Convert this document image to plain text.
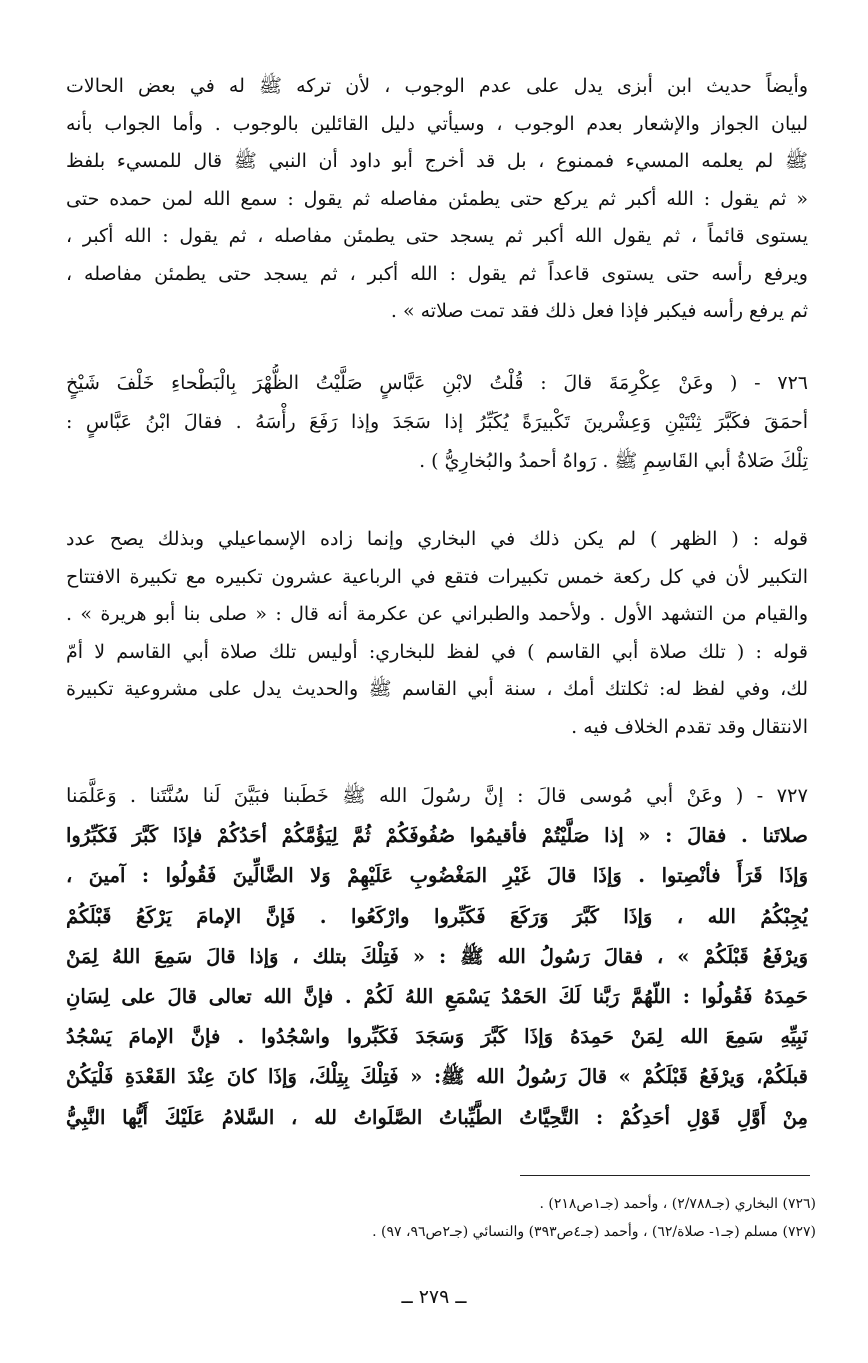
وأيضاً حديث ابن أبزى يدل على عدم الوجوب ، لأن تركه ﷺ له في بعض الحالات
لبيان الجواز والإشعار بعدم الوجوب ، وسيأتي دليل القائلين بالوجوب . وأما الجواب بأنه
ﷺ لم يعلمه المسيء فممنوع ، بل قد أخرج أبو داود أن النبي ﷺ قال للمسيء بلفظ
« ثم يقول : الله أكبر ثم يركع حتى يطمئن مفاصله ثم يقول : سمع الله لمن حمده حتى
يستوى قائماً ، ثم يقول الله أكبر ثم يسجد حتى يطمئن مفاصله ، ثم يقول : الله أكبر ،
ويرفع رأسه حتى يستوى قاعداً ثم يقول : الله أكبر ، ثم يسجد حتى يطمئن مفاصله ،
ثم يرفع رأسه فيكبر فإذا فعل ذلك فقد تمت صلاته » .
٧٢٦ - ( وعَنْ عِكْرِمَةَ قالَ : قُلْتُ لابْنِ عَبَّاسٍ صَلَّيْتُ الظُّهْرَ بِالْبَطْحاءِ خَلْفَ شَيْخٍ
أحمَقَ فكَبَّرَ ثِنْتَيْنِ وَعِشْرينَ تَكْبيرَةً يُكَبِّرُ إذا سَجَدَ وإذا رَفَعَ رأْسَهُ . فقالَ ابْنُ عَبَّاسٍ :
تِلْكَ صَلاةُ أبي القَاسِمِ ﷺ . رَواهُ أحمدُ والبُخارِيُّ ) .
قوله : ( الظهر ) لم يكن ذلك في البخاري وإنما زاده الإسماعيلي وبذلك يصح عدد
التكبير لأن في كل ركعة خمس تكبيرات فتقع في الرباعية عشرون تكبيره مع تكبيرة الافتتاح
والقيام من التشهد الأول . ولأحمد والطبراني عن عكرمة أنه قال : « صلى بنا أبو هريرة » .
قوله : ( تلك صلاة أبي القاسم ) في لفظ للبخاري: أوليس تلك صلاة أبي القاسم لا أمّ
لك، وفي لفظ له: ثكلتك أمك ، سنة أبي القاسم ﷺ والحديث يدل على مشروعية تكبيرة
الانتقال وقد تقدم الخلاف فيه .
٧٢٧ - ( وعَنْ أبي مُوسى قالَ : إنَّ رسُولَ الله ﷺ خَطَبنا فبَيَّنَ لَنا سُنَّتَنا . وَعَلَّمَنا
صلاتَنا . فقالَ : « إذا صَلَّيْتُمْ فأقيمُوا صُفُوفَكُمْ ثُمَّ لِيَؤُمَّكُمْ أحَدُكُمْ فإذَا كَبَّرَ فَكَبِّرُوا
وَإذَا قَرَأَ فأنْصِتوا . وَإذَا قالَ غَيْرِ المَغْضُوبِ عَلَيْهِمْ وَلا الضَّالِّينَ فَقُولُوا : آمينَ ،
يُجِبْكُمُ الله ، وَإذَا كَبَّرَ وَرَكَعَ فَكَبِّروا وارْكَعُوا . فَإنَّ الإمامَ يَرْكَعُ قَبْلَكُمْ
وَيرْفَعُ قَبْلَكُمْ » ، فقالَ رَسُولُ الله ﷺ : « فَتِلْكَ بتلك ، وَإذا قالَ سَمِعَ اللهُ لِمَنْ
حَمِدَهُ فَقُولُوا : اللّهُمَّ رَبَّنا لَكَ الحَمْدُ يَسْمَعِ اللهُ لَكُمْ . فإنَّ الله تعالى قالَ على لِسَانِ
نَبِيِّهِ سَمِعَ الله لِمَنْ حَمِدَهُ وَإذَا كَبَّرَ وَسَجَدَ فَكَبِّروا واسْجُدُوا . فإنَّ الإمامَ يَسْجُدُ
قبلَكُمْ، وَيرْفَعُ قَبْلَكُمْ » قالَ رَسُولُ الله ﷺ: « فَتِلْكَ بِتِلْكَ، وَإذَا كانَ عِنْدَ القَعْدَةِ فَلْيَكُنْ
مِنْ أَوَّلِ قَوْلِ أحَدِكُمْ : التَّحِيَّاتُ الطَّيِّباتُ الصَّلَواتُ لله ، السَّلامُ عَلَيْكَ أَيُّها النَّبِيُّ
(٧٢٦) البخاري (جـ٢/٧٨٨) ، وأحمد (جـ١ص٢١٨) .
(٧٢٧) مسلم (جـ١- صلاة/٦٢) ، وأحمد (جـ٤ص٣٩٣) والنسائي (جـ٢ص٩٦، ٩٧) .
ــ ٢٧٩ ــ
